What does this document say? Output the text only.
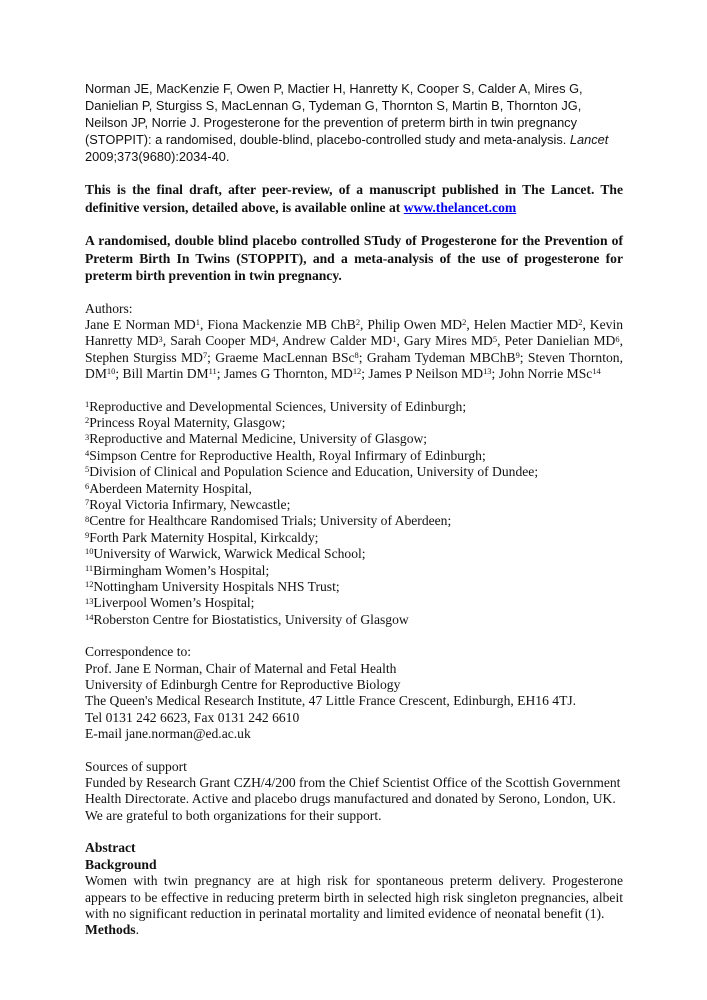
Norman JE, MacKenzie F, Owen P, Mactier H, Hanretty K, Cooper S, Calder A, Mires G, Danielian P, Sturgiss S, MacLennan G, Tydeman G, Thornton S, Martin B, Thornton JG, Neilson JP, Norrie J. Progesterone for the prevention of preterm birth in twin pregnancy (STOPPIT): a randomised, double-blind, placebo-controlled study and meta-analysis. Lancet 2009;373(9680):2034-40.

This is the final draft, after peer-review, of a manuscript published in The Lancet. The definitive version, detailed above, is available online at www.thelancet.com

A randomised, double blind placebo controlled STudy of Progesterone for the Prevention of Preterm Birth In Twins (STOPPIT), and a meta-analysis of the use of progesterone for preterm birth prevention in twin pregnancy.

Authors:
Jane E Norman $MD^1$, Fiona Mackenzie MB ChB$^2$, Philip Owen $MD^2$, Helen Mactier $MD^2$, Kevin Hanretty $MD^3$, Sarah Cooper $MD^4$, Andrew Calder $MD^1$, Gary Mires $MD^5$, Peter Danielian $MD^6$, Stephen Sturgiss $MD^7$; Graeme MacLennan BSc$^8$; Graham Tydeman MBChB$^9$; Steven Thornton, DM$^{10}$; Bill Martin DM$^{11}$; James G Thornton, MD$^{12}$; James P Neilson MD$^{13}$; John Norrie MSc$^{14}$
$^1$Reproductive and Developmental Sciences, University of Edinburgh;
$^2$Princess Royal Maternity, Glasgow;
$^3$Reproductive and Maternal Medicine, University of Glasgow;
$^4$Simpson Centre for Reproductive Health, Royal Infirmary of Edinburgh;
$^5$Division of Clinical and Population Science and Education, University of Dundee;
$^6$Aberdeen Maternity Hospital,
$^7$Royal Victoria Infirmary, Newcastle;
$^8$Centre for Healthcare Randomised Trials; University of Aberdeen;
$^9$Forth Park Maternity Hospital, Kirkcaldy;
$^{10}$University of Warwick, Warwick Medical School;
$^{11}$Birmingham Women’s Hospital;
$^{12}$Nottingham University Hospitals NHS Trust;
$^{13}$Liverpool Women’s Hospital;
$^{14}$Roberston Centre for Biostatistics, University of Glasgow
Correspondence to:
Prof. Jane E Norman, Chair of Maternal and Fetal Health
University of Edinburgh Centre for Reproductive Biology
The Queen's Medical Research Institute, 47 Little France Crescent, Edinburgh, EH16 4TJ.
Tel 0131 242 6623, Fax 0131 242 6610
E-mail jane.norman@ed.ac.uk
Sources of support
Funded by Research Grant CZH/4/200 from the Chief Scientist Office of the Scottish Government Health Directorate. Active and placebo drugs manufactured and donated by Serono, London, UK. We are grateful to both organizations for their support.
Abstract
Background
Women with twin pregnancy are at high risk for spontaneous preterm delivery. Progesterone appears to be effective in reducing preterm birth in selected high risk singleton pregnancies, albeit with no significant reduction in perinatal mortality and limited evidence of neonatal benefit (1).
Methods.
